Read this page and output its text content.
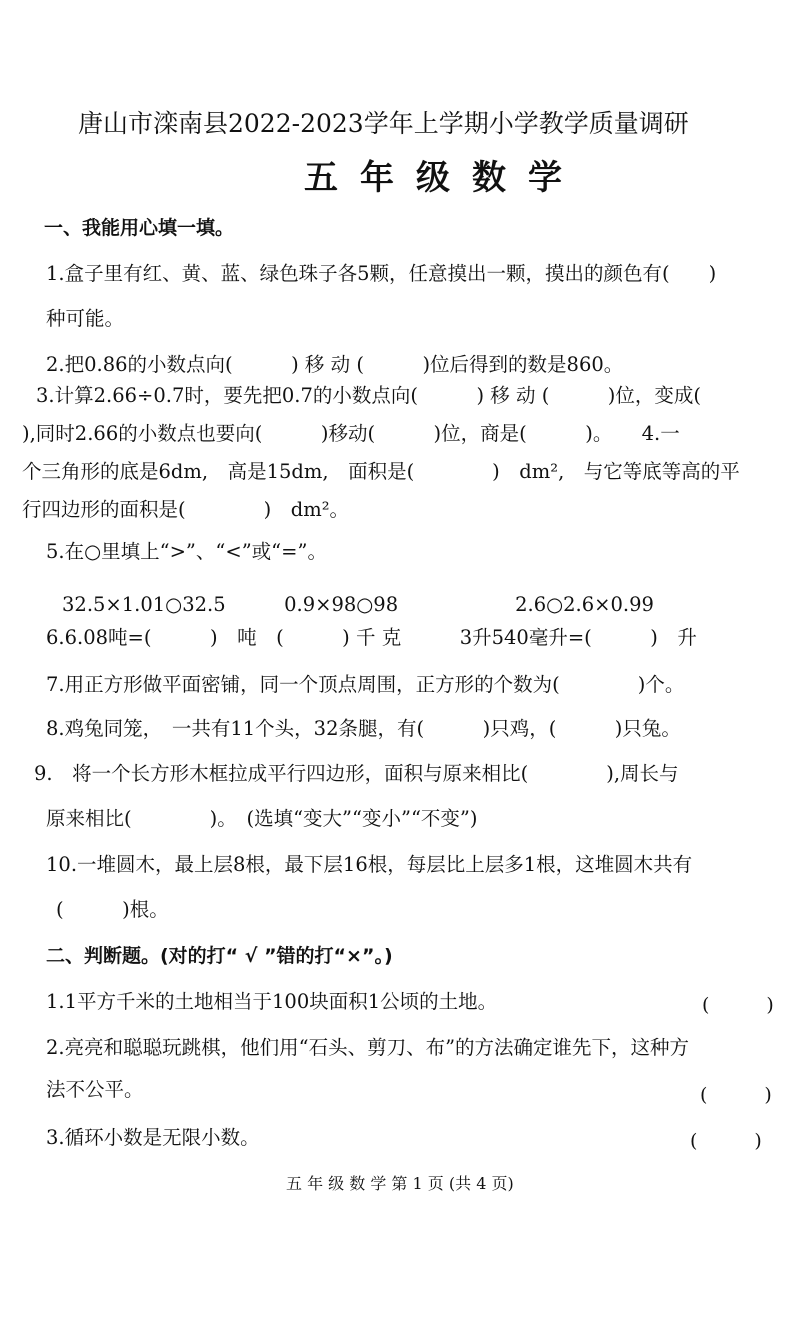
唐山市滦南县2022-2023学年上学期小学教学质量调研
五年级数学
一、我能用心填一填。
1.盒子里有红、黄、蓝、绿色珠子各5颗，任意摸出一颗，摸出的颜色有(　　)
种可能。
2.把0.86的小数点向(　　　) 移 动 (　　　)位后得到的数是860。
3.计算2.66÷0.7时，要先把0.7的小数点向(　　　) 移 动 (　　　)位，变成(
),同时2.66的小数点也要向(　　　)移动(　　　)位，商是(　　　)。　　4.一
个三角形的底是6dm,　高是15dm,　面积是(　　　　)　dm²,　与它等底等高的平
行四边形的面积是(　　　　)　dm²。
5.在○里填上“>”、“<”或“=”。
32.5×1.01○32.5　　　0.9×98○98　　　　　　2.6○2.6×0.99
6.6.08吨=(　　　)　吨　(　　　) 千 克　　　3升540毫升=(　　　)　升
7.用正方形做平面密铺，同一个顶点周围，正方形的个数为(　　　　)个。
8.鸡兔同笼，　一共有11个头，32条腿，有(　　　)只鸡，(　　　)只兔。
9.　将一个长方形木框拉成平行四边形，面积与原来相比(　　　　),周长与
原来相比(　　　　)。　(选填“变大”“变小”“不变”)
10.一堆圆木，最上层8根，最下层16根，每层比上层多1根，这堆圆木共有
(　　　)根。
二、判断题。(对的打“ √ ”错的打“×”。)
1.1平方千米的土地相当于100块面积1公顷的土地。	(　　　)
2.亮亮和聪聪玩跳棋，他们用“石头、剪刀、布”的方法确定谁先下，这种方
法不公平。	(　　　)
3.循环小数是无限小数。	(　　　)
五 年 级 数 学 第 1 页 (共 4 页)
